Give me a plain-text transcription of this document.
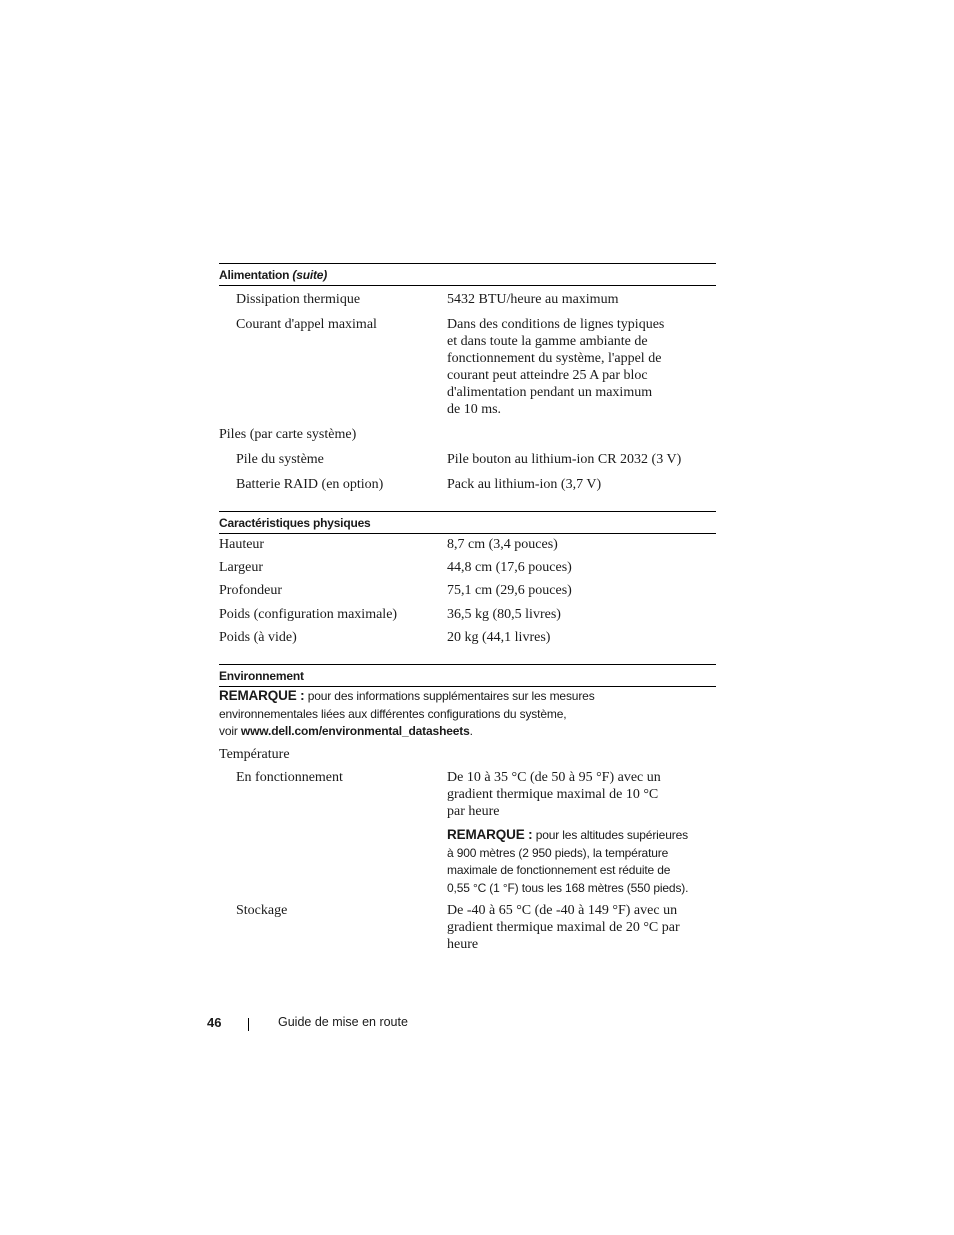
Alimentation (suite)
Dissipation thermique	5432 BTU/heure au maximum
Courant d'appel maximal	Dans des conditions de lignes typiques
et dans toute la gamme ambiante de
fonctionnement du système, l'appel de
courant peut atteindre 25 A par bloc
d'alimentation pendant un maximum
de 10 ms.
Piles (par carte système)
Pile du système	Pile bouton au lithium-ion CR 2032 (3 V)
Batterie RAID (en option)	Pack au lithium-ion (3,7 V)
Caractéristiques physiques
Hauteur	8,7 cm (3,4 pouces)
Largeur	44,8 cm (17,6 pouces)
Profondeur	75,1 cm (29,6 pouces)
Poids (configuration maximale)	36,5 kg (80,5 livres)
Poids (à vide)	20 kg (44,1 livres)
Environnement
REMARQUE : pour des informations supplémentaires sur les mesures
environnementales liées aux différentes configurations du système,
voir www.dell.com/environmental_datasheets.
Température
En fonctionnement	De 10 à 35 °C (de 50 à 95 °F) avec un
gradient thermique maximal de 10 °C
par heure
REMARQUE : pour les altitudes supérieures
à 900 mètres (2 950 pieds), la température
maximale de fonctionnement est réduite de
0,55 °C (1 °F) tous les 168 mètres (550 pieds).
Stockage	De -40 à 65 °C (de -40 à 149 °F) avec un
gradient thermique maximal de 20 °C par
heure
46	Guide de mise en route
